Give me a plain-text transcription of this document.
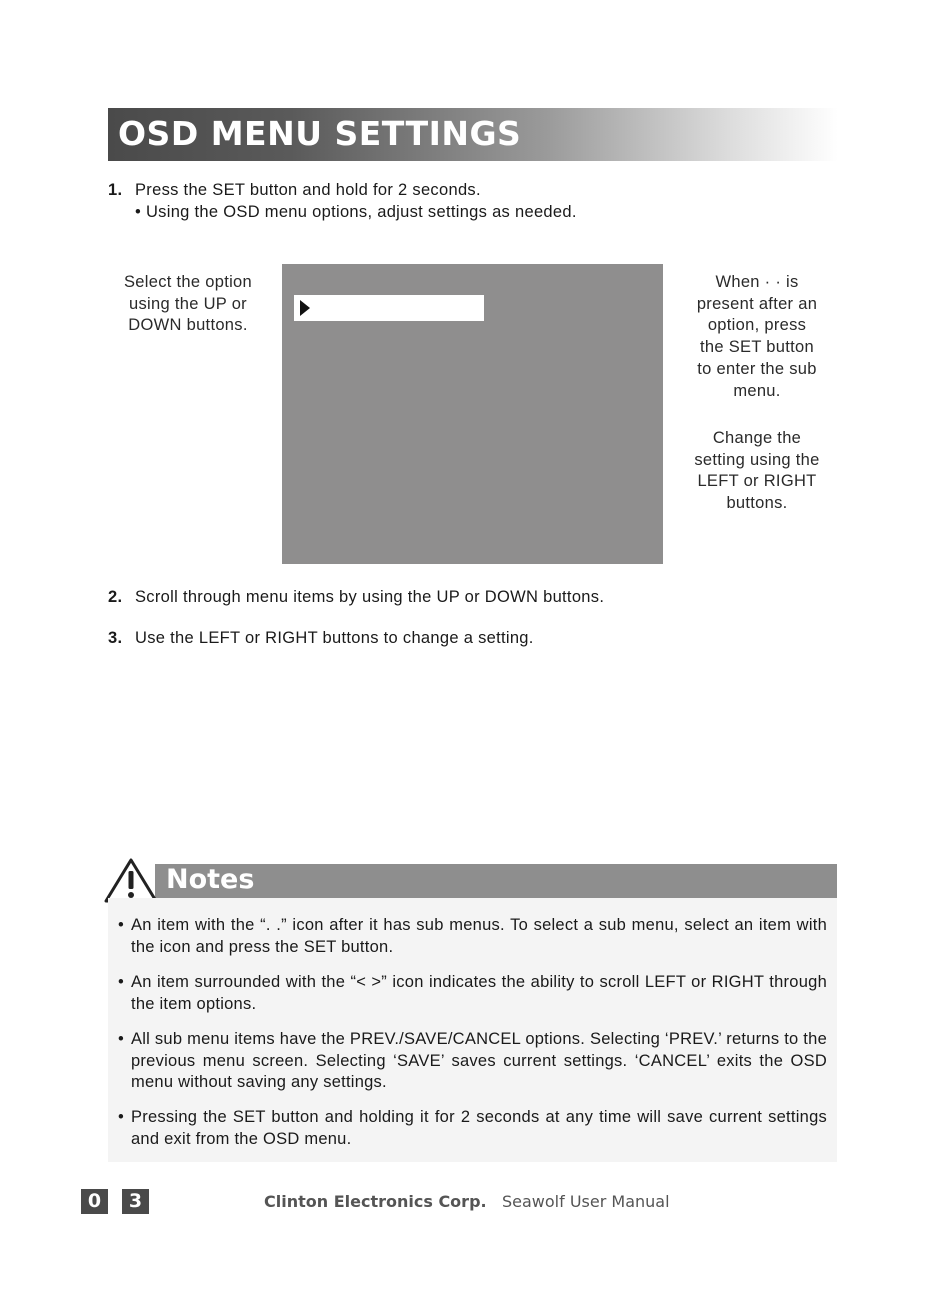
OSD MENU SETTINGS
1. Press the SET button and hold for 2 seconds.
• Using the OSD menu options, adjust settings as needed.
Select the option
using the UP or
DOWN buttons.
When · · is
present after an
option, press
the SET button
to enter the sub
menu.
Change the
setting using the
LEFT or RIGHT
buttons.
2. Scroll through menu items by using the UP or DOWN buttons.
3. Use the LEFT or RIGHT buttons to change a setting.
Notes
• An item with the “. .” icon after it has sub menus. To select a sub menu, select an item with the icon and press the SET button.
• An item surrounded with the “< >” icon indicates the ability to scroll LEFT or RIGHT through the item options.
• All sub menu items have the PREV./SAVE/CANCEL options. Selecting ‘PREV.’ returns to the previous menu screen. Selecting ‘SAVE’ saves current settings. ‘CANCEL’ exits the OSD menu without saving any settings.
• Pressing the SET button and holding it for 2 seconds at any time will save current settings and exit from the OSD menu.
0	3	Clinton Electronics Corp. Seawolf User Manual
